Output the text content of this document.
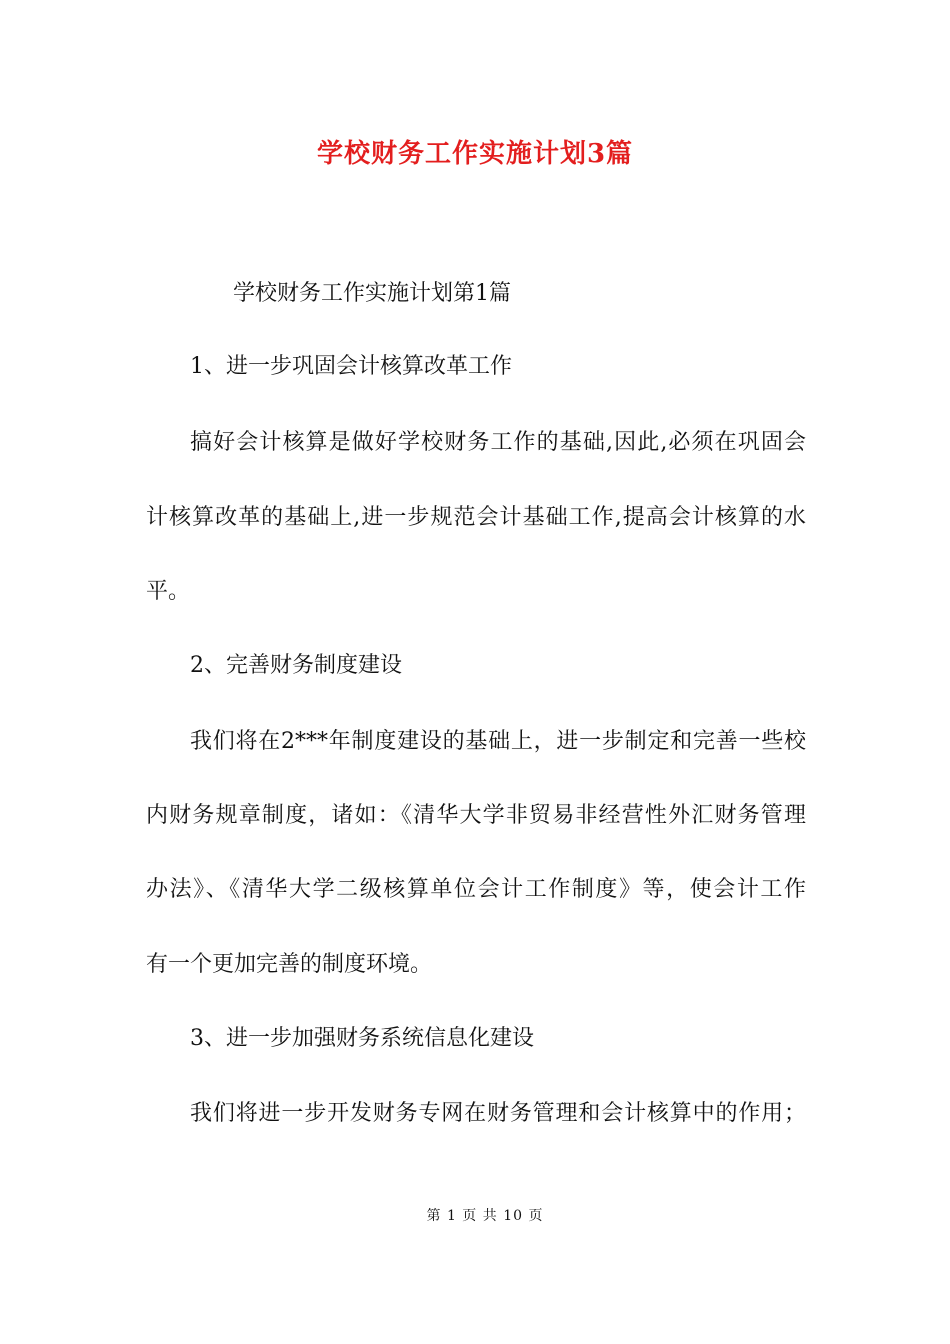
学校财务工作实施计划3篇
学校财务工作实施计划第1篇
1、进一步巩固会计核算改革工作
搞好会计核算是做好学校财务工作的基础,因此,必须在巩固会
计核算改革的基础上,进一步规范会计基础工作,提高会计核算的水
平。
2、完善财务制度建设
我们将在2***年制度建设的基础上，进一步制定和完善一些校
内财务规章制度，诸如：《清华大学非贸易非经营性外汇财务管理
办法》、《清华大学二级核算单位会计工作制度》等，使会计工作
有一个更加完善的制度环境。
3、进一步加强财务系统信息化建设
我们将进一步开发财务专网在财务管理和会计核算中的作用；
第 1 页 共 10 页
